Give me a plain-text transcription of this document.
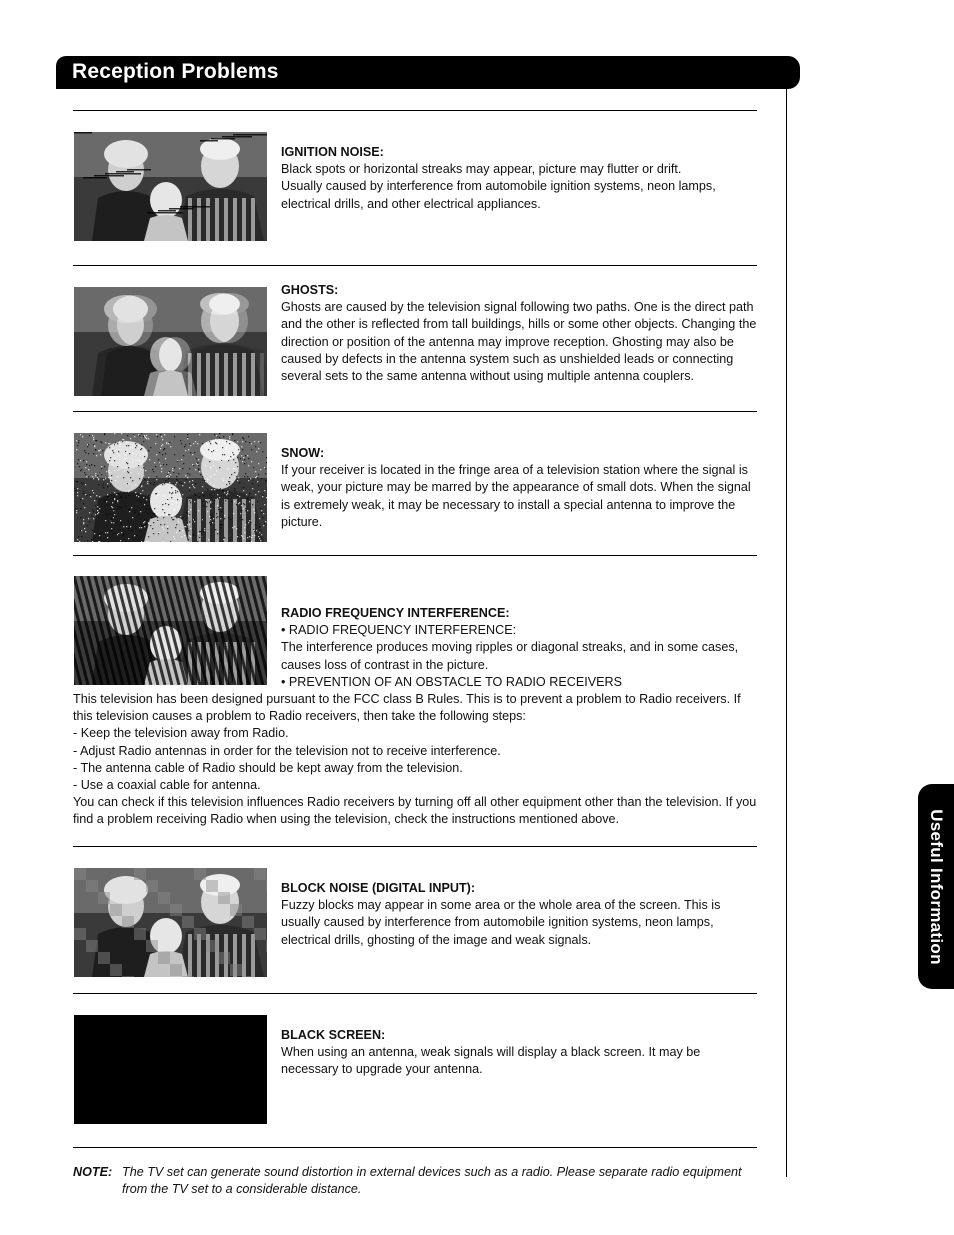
Reception Problems

IGNITION NOISE:

Black spots or horizontal streaks may appear, picture may flutter or drift.

Usually caused by interference from automobile ignition systems, neon lamps, electrical drills, and other electrical appliances.

GHOSTS:

Ghosts are caused by the television signal following two paths. One is the direct path and the other is reflected from tall buildings, hills or some other objects. Changing the direction or position of the antenna may improve reception. Ghosting may also be caused by defects in the antenna system such as unshielded leads or connecting several sets to the same antenna without using multiple antenna couplers.

SNOW:

If your receiver is located in the fringe area of a television station where the signal is weak, your picture may be marred by the appearance of small dots. When the signal is extremely weak, it may be necessary to install a special antenna to improve the picture.

RADIO FREQUENCY INTERFERENCE:

• RADIO FREQUENCY INTERFERENCE:

The interference produces moving ripples or diagonal streaks, and in some cases, causes loss of contrast in the picture.

• PREVENTION OF AN OBSTACLE TO RADIO RECEIVERS

This television has been designed pursuant to the FCC class B Rules. This is to prevent a problem to Radio receivers. If this television causes a problem to Radio receivers, then take the following steps:

- Keep the television away from Radio.

- Adjust Radio antennas in order for the television not to receive interference.

- The antenna cable of Radio should be kept away from the television.

- Use a coaxial cable for antenna.

You can check if this television influences Radio receivers by turning off all other equipment other than the television. If you find a problem receiving Radio when using the television, check the instructions mentioned above.

BLOCK NOISE (DIGITAL INPUT):

Fuzzy blocks may appear in some area or the whole area of the screen. This is usually caused by interference from automobile ignition systems, neon lamps, electrical drills, ghosting of the image and weak signals.

BLACK SCREEN:

When using an antenna, weak signals will display a black screen. It may be necessary to upgrade your antenna.

NOTE: The TV set can generate sound distortion in external devices such as a radio. Please separate radio equipment from the TV set to a considerable distance.
Useful Information
